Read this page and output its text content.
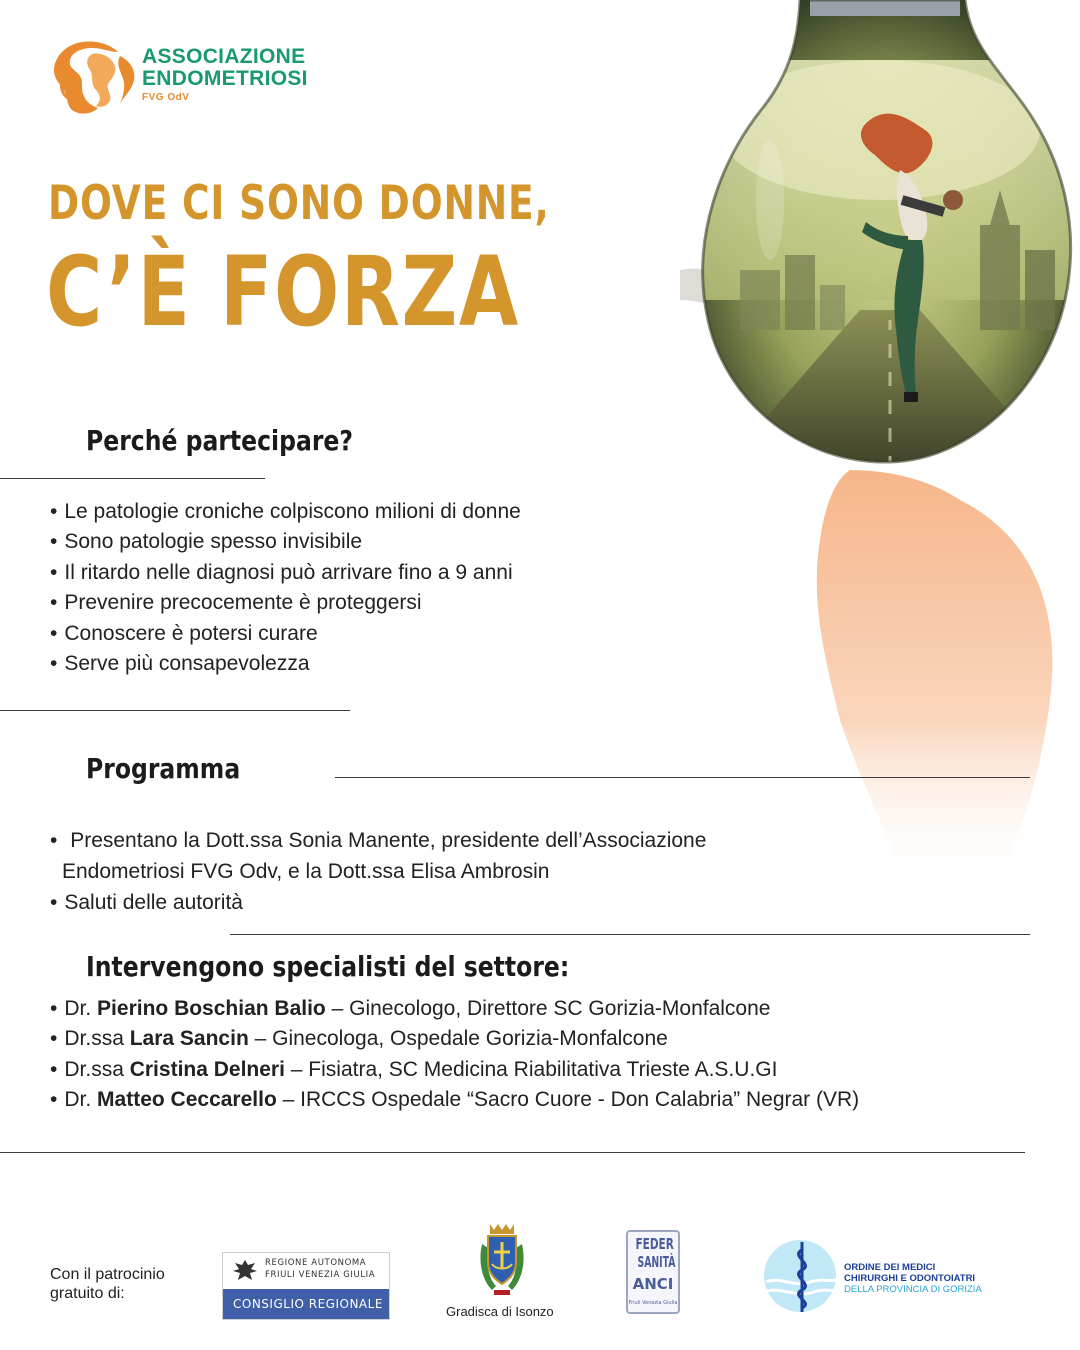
ASSOCIAZIONE
ENDOMETRIOSI
FVG OdV
DOVE CI SONO DONNE,
C’È FORZA
Perché partecipare?
• Le patologie croniche colpiscono milioni di donne
• Sono patologie spesso invisibile
• Il ritardo nelle diagnosi può arrivare fino a 9 anni
• Prevenire precocemente è proteggersi
• Conoscere è potersi curare
• Serve più consapevolezza
Programma
• Presentano la Dott.ssa Sonia Manente, presidente dell’Associazione
Endometriosi FVG Odv, e la Dott.ssa Elisa Ambrosin
• Saluti delle autorità
Intervengono specialisti del settore:
• Dr. Pierino Boschian Balio – Ginecologo, Direttore SC Gorizia-Monfalcone
• Dr.ssa Lara Sancin – Ginecologa, Ospedale Gorizia-Monfalcone
• Dr.ssa Cristina Delneri – Fisiatra, SC Medicina Riabilitativa Trieste A.S.U.GI
• Dr. Matteo Ceccarello – IRCCS Ospedale “Sacro Cuore - Don Calabria” Negrar (VR)
Con il patrocinio
gratuito di:
REGIONE AUTONOMA
FRIULI VENEZIA GIULIA
CONSIGLIO REGIONALE	Gradisca di Isonzo
FEDER
SANITÀ
ANCI
Friuli Venezia Giulia
ORDINE DEI MEDICI
CHIRURGHI E ODONTOIATRI
DELLA PROVINCIA DI GORIZIA
